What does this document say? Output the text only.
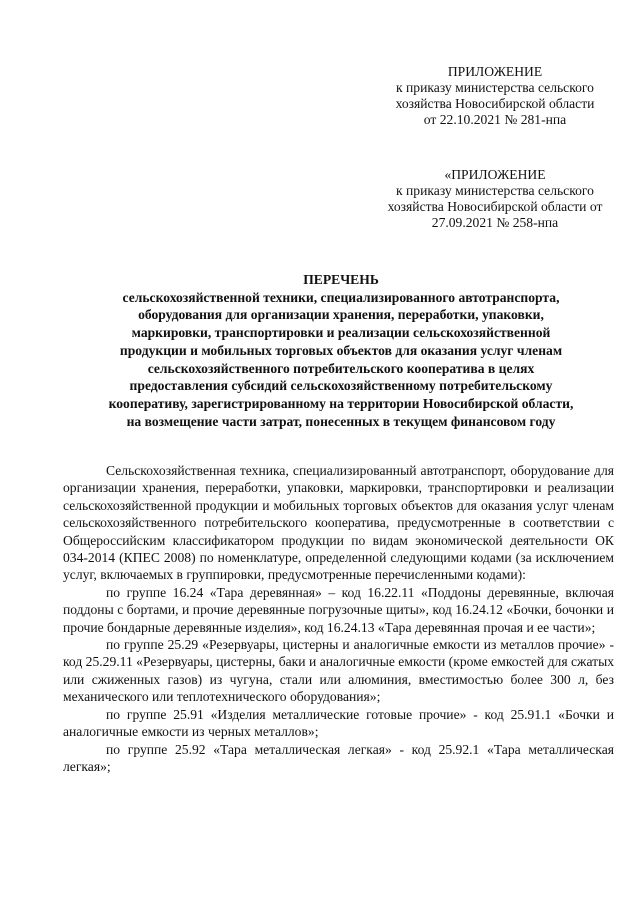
ПРИЛОЖЕНИЕ
к приказу министерства сельского
хозяйства Новосибирской области
от 22.10.2021 № 281-нпа
«ПРИЛОЖЕНИЕ
к приказу министерства сельского
хозяйства Новосибирской области от
27.09.2021 № 258-нпа
ПЕРЕЧЕНЬ
сельскохозяйственной техники, специализированного автотранспорта,
оборудования для организации хранения, переработки, упаковки,
маркировки, транспортировки и реализации сельскохозяйственной
продукции и мобильных торговых объектов для оказания услуг членам
сельскохозяйственного потребительского кооператива в целях
предоставления субсидий сельскохозяйственному потребительскому
кооперативу, зарегистрированному на территории Новосибирской области,
на возмещение части затрат, понесенных в текущем финансовом году

Сельскохозяйственная техника, специализированный автотранспорт, оборудование для организации хранения, переработки, упаковки, маркировки, транспортировки и реализации сельскохозяйственной продукции и мобильных торговых объектов для оказания услуг членам сельскохозяйственного потребительского кооператива, предусмотренные в соответствии с Общероссийским классификатором продукции по видам экономической деятельности ОК 034-2014 (КПЕС 2008) по номенклатуре, определенной следующими кодами (за исключением услуг, включаемых в группировки, предусмотренные перечисленными кодами):

по группе 16.24 «Тара деревянная» – код 16.22.11 «Поддоны деревянные, включая поддоны с бортами, и прочие деревянные погрузочные щиты», код 16.24.12 «Бочки, бочонки и прочие бондарные деревянные изделия», код 16.24.13 «Тара деревянная прочая и ее части»;

по группе 25.29 «Резервуары, цистерны и аналогичные емкости из металлов прочие» - код 25.29.11 «Резервуары, цистерны, баки и аналогичные емкости (кроме емкостей для сжатых или сжиженных газов) из чугуна, стали или алюминия, вместимостью более 300 л, без механического или теплотехнического оборудования»;

по группе 25.91 «Изделия металлические готовые прочие» - код 25.91.1 «Бочки и аналогичные емкости из черных металлов»;

по группе 25.92 «Тара металлическая легкая» - код 25.92.1 «Тара металлическая легкая»;
